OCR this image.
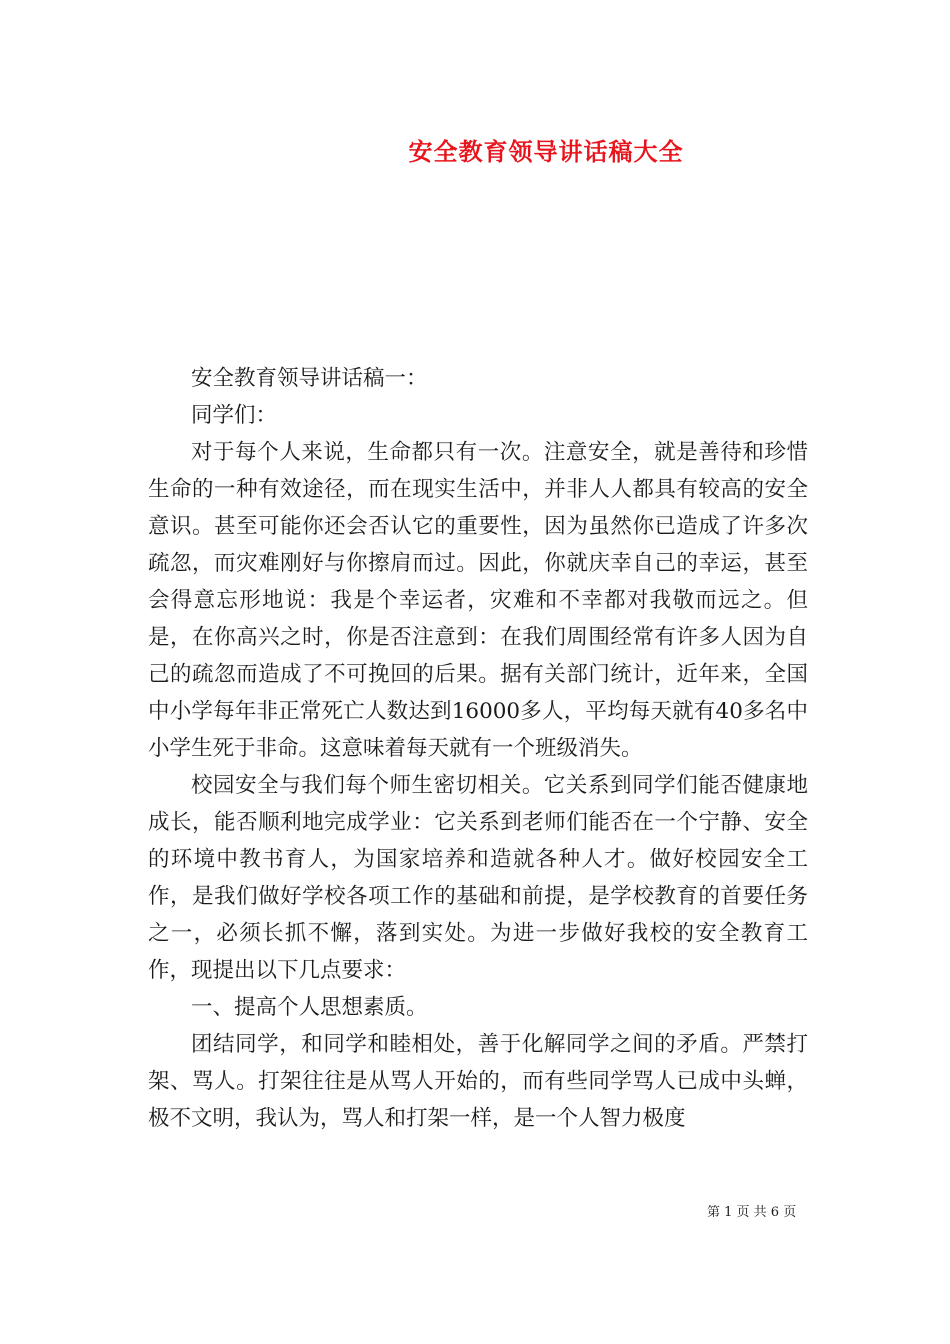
安全教育领导讲话稿大全

安全教育领导讲话稿一：

同学们：

对于每个人来说，生命都只有一次。注意安全，就是善待和珍惜生命的一种有效途径，而在现实生活中，并非人人都具有较高的安全意识。甚至可能你还会否认它的重要性，因为虽然你已造成了许多次疏忽，而灾难刚好与你擦肩而过。因此，你就庆幸自己的幸运，甚至会得意忘形地说：我是个幸运者，灾难和不幸都对我敬而远之。但是，在你高兴之时，你是否注意到：在我们周围经常有许多人因为自己的疏忽而造成了不可挽回的后果。据有关部门统计，近年来，全国中小学每年非正常死亡人数达到16000多人，平均每天就有40多名中小学生死于非命。这意味着每天就有一个班级消失。

校园安全与我们每个师生密切相关。它关系到同学们能否健康地成长，能否顺利地完成学业：它关系到老师们能否在一个宁静、安全的环境中教书育人，为国家培养和造就各种人才。做好校园安全工作，是我们做好学校各项工作的基础和前提，是学校教育的首要任务之一，必须长抓不懈，落到实处。为进一步做好我校的安全教育工作，现提出以下几点要求：

一、提高个人思想素质。

团结同学，和同学和睦相处，善于化解同学之间的矛盾。严禁打架、骂人。打架往往是从骂人开始的，而有些同学骂人已成中头蝉，极不文明，我认为，骂人和打架一样，是一个人智力极度

第 1 页 共 6 页
